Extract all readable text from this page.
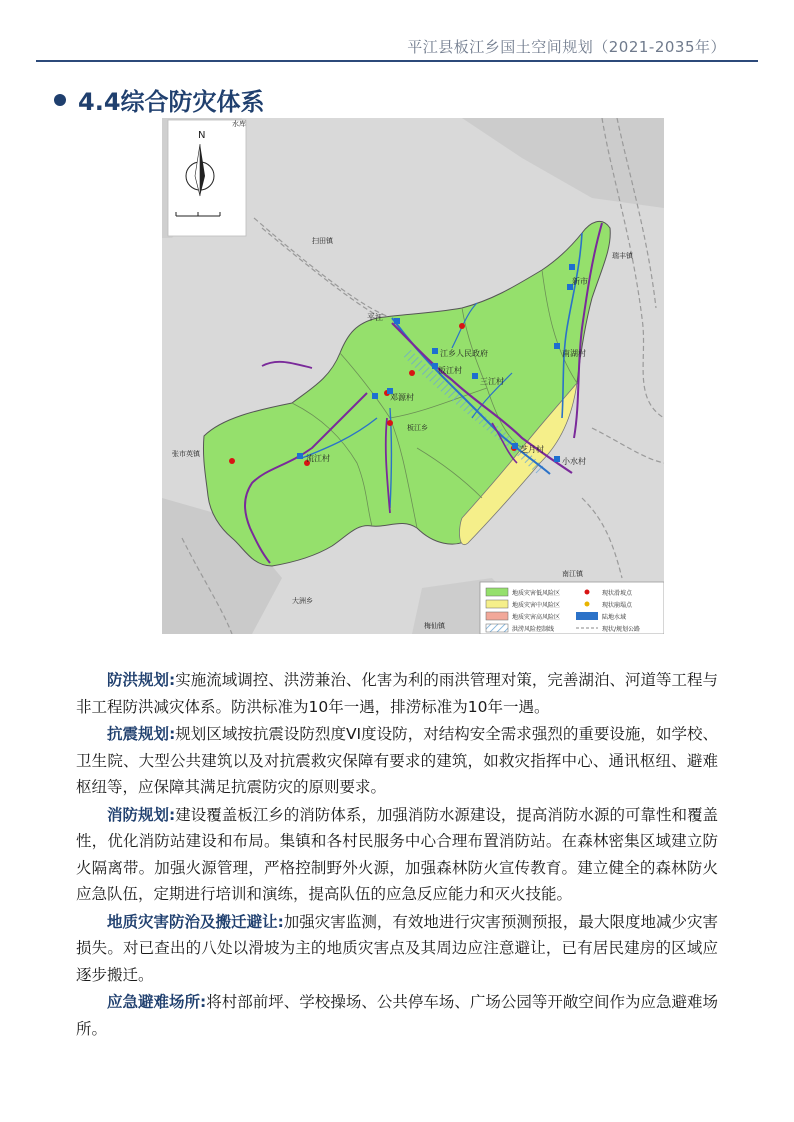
平江县板江乡国土空间规划（2021-2035年）
4.4综合防灾体系
N
平江
江乡人民政府
板江村
三江村
邓源村
流江村	小水村
芝月村
南湖村
新市
板江乡
扫田镇
瑞丰镇
张市英镇
大洲乡
梅仙镇
南江镇
水库
地质灾害低风险区
地质灾害中风险区
地质灾害高风险区
洪涝风险控制线
现状滑坡点
现状崩塌点
陆地水域
现状/规划公路

防洪规划:实施流域调控、洪涝兼治、化害为利的雨洪管理对策，完善湖泊、河道等工程与非工程防洪减灾体系。防洪标准为10年一遇，排涝标准为10年一遇。

抗震规划:规划区域按抗震设防烈度VI度设防，对结构安全需求强烈的重要设施，如学校、卫生院、大型公共建筑以及对抗震救灾保障有要求的建筑，如救灾指挥中心、通讯枢纽、避难枢纽等，应保障其满足抗震防灾的原则要求。

消防规划:建设覆盖板江乡的消防体系，加强消防水源建设，提高消防水源的可靠性和覆盖性，优化消防站建设和布局。集镇和各村民服务中心合理布置消防站。在森林密集区域建立防火隔离带。加强火源管理，严格控制野外火源，加强森林防火宣传教育。建立健全的森林防火应急队伍，定期进行培训和演练，提高队伍的应急反应能力和灭火技能。

地质灾害防治及搬迁避让:加强灾害监测，有效地进行灾害预测预报，最大限度地减少灾害损失。对已查出的八处以滑坡为主的地质灾害点及其周边应注意避让，已有居民建房的区域应逐步搬迁。

应急避难场所:将村部前坪、学校操场、公共停车场、广场公园等开敞空间作为应急避难场所。
